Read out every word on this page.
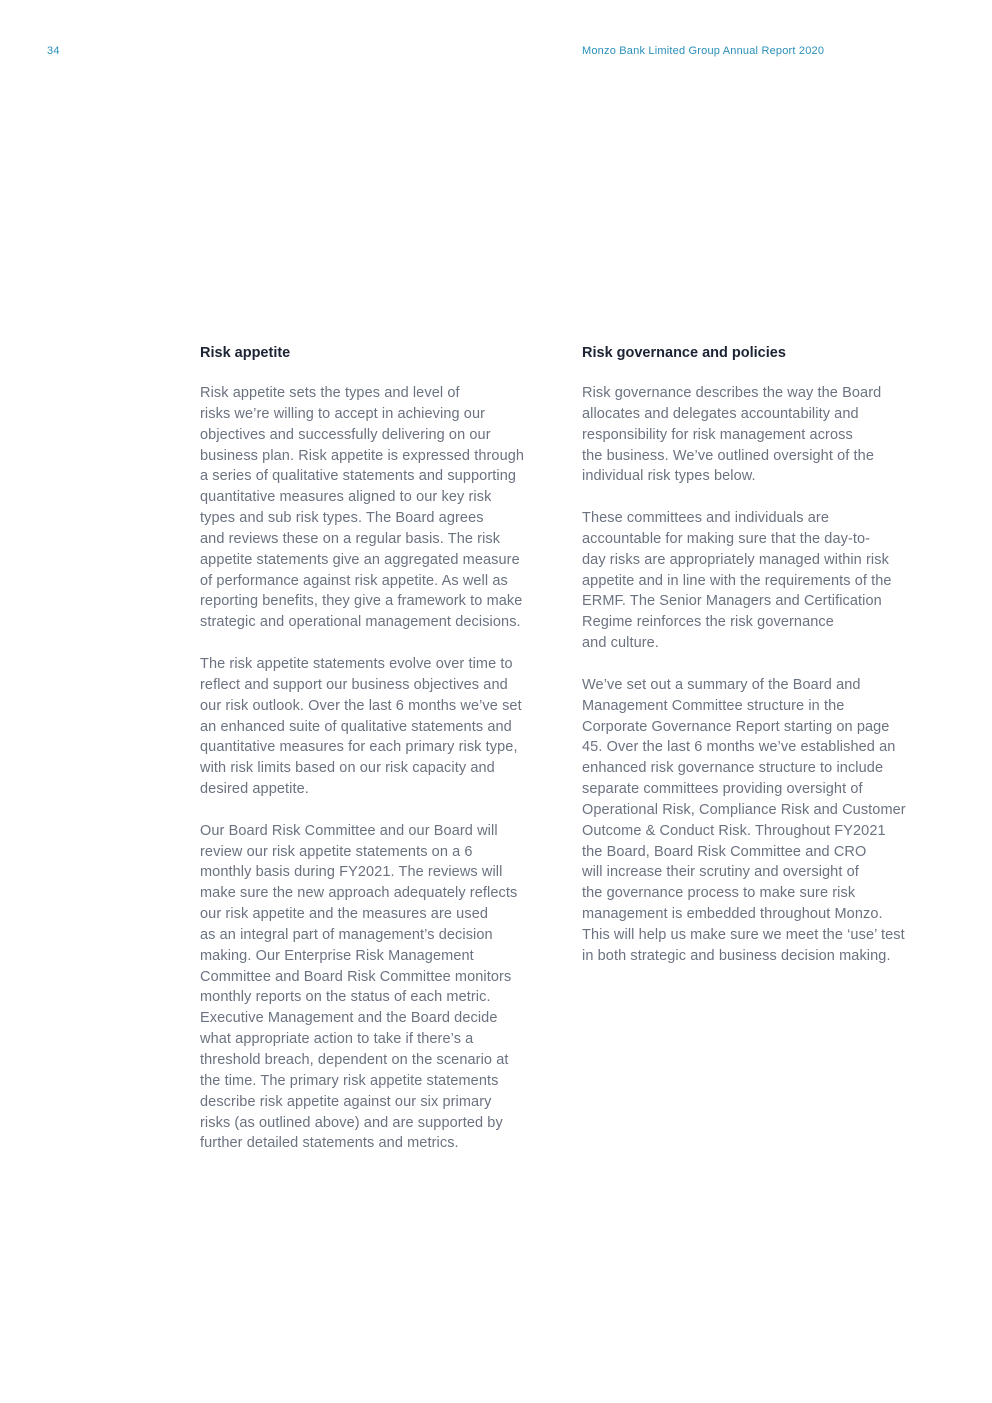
34	Monzo Bank Limited Group Annual Report 2020
Risk appetite

Risk appetite sets the types and level of
risks we’re willing to accept in achieving our
objectives and successfully delivering on our
business plan. Risk appetite is expressed through
a series of qualitative statements and supporting
quantitative measures aligned to our key risk
types and sub risk types. The Board agrees
and reviews these on a regular basis. The risk
appetite statements give an aggregated measure
of performance against risk appetite. As well as
reporting benefits, they give a framework to make
strategic and operational management decisions.

The risk appetite statements evolve over time to
reflect and support our business objectives and
our risk outlook. Over the last 6 months we’ve set
an enhanced suite of qualitative statements and
quantitative measures for each primary risk type,
with risk limits based on our risk capacity and
desired appetite.

Our Board Risk Committee and our Board will
review our risk appetite statements on a 6
monthly basis during FY2021. The reviews will
make sure the new approach adequately reflects
our risk appetite and the measures are used
as an integral part of management’s decision
making. Our Enterprise Risk Management
Committee and Board Risk Committee monitors
monthly reports on the status of each metric.
Executive Management and the Board decide
what appropriate action to take if there’s a
threshold breach, dependent on the scenario at
the time. The primary risk appetite statements
describe risk appetite against our six primary
risks (as outlined above) and are supported by
further detailed statements and metrics.

Risk governance and policies

Risk governance describes the way the Board
allocates and delegates accountability and
responsibility for risk management across
the business. We’ve outlined oversight of the
individual risk types below.

These committees and individuals are
accountable for making sure that the day-to-
day risks are appropriately managed within risk
appetite and in line with the requirements of the
ERMF. The Senior Managers and Certification
Regime reinforces the risk governance
and culture.

We’ve set out a summary of the Board and
Management Committee structure in the
Corporate Governance Report starting on page
45. Over the last 6 months we’ve established an
enhanced risk governance structure to include
separate committees providing oversight of
Operational Risk, Compliance Risk and Customer
Outcome & Conduct Risk. Throughout FY2021
the Board, Board Risk Committee and CRO
will increase their scrutiny and oversight of
the governance process to make sure risk
management is embedded throughout Monzo.
This will help us make sure we meet the ‘use’ test
in both strategic and business decision making.
